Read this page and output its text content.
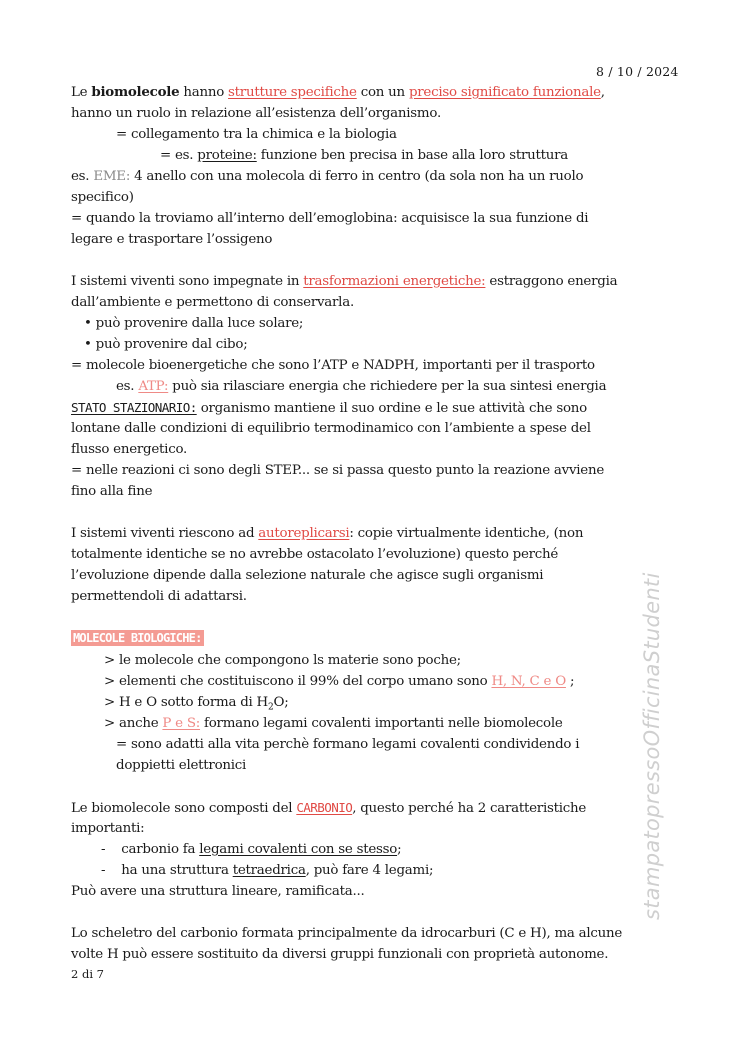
8 / 10 / 2024
Le biomolecole hanno strutture specifiche con un preciso significato funzionale,
hanno un ruolo in relazione all’esistenza dell’organismo.
= collegamento tra la chimica e la biologia
= es. proteine: funzione ben precisa in base alla loro struttura
es. EME: 4 anello con una molecola di ferro in centro (da sola non ha un ruolo
specifico)
= quando la troviamo all’interno dell’emoglobina: acquisisce la sua funzione di
legare e trasportare l’ossigeno
I sistemi viventi sono impegnate in trasformazioni energetiche: estraggono energia
dall’ambiente e permettono di conservarla.
• può provenire dalla luce solare;
• può provenire dal cibo;
= molecole bioenergetiche che sono l’ATP e NADPH, importanti per il trasporto
es. ATP: può sia rilasciare energia che richiedere per la sua sintesi energia
STATO STAZIONARIO: organismo mantiene il suo ordine e le sue attività che sono
lontane dalle condizioni di equilibrio termodinamico con l’ambiente a spese del
flusso energetico.
= nelle reazioni ci sono degli STEP... se si passa questo punto la reazione avviene
fino alla fine
I sistemi viventi riescono ad autoreplicarsi: copie virtualmente identiche, (non
totalmente identiche se no avrebbe ostacolato l’evoluzione) questo perché
l’evoluzione dipende dalla selezione naturale che agisce sugli organismi
permettendoli di adattarsi.
MOLECOLE BIOLOGICHE:
> le molecole che compongono ls materie sono poche;
> elementi che costituiscono il 99% del corpo umano sono H, N, C e O ;
> H e O sotto forma di $H_2O$;
> anche P e S: formano legami covalenti importanti nelle biomolecole
= sono adatti alla vita perchè formano legami covalenti condividendo i
doppietti elettronici
Le biomolecole sono composti del CARBONIO, questo perché ha 2 caratteristiche
importanti:
- carbonio fa legami covalenti con se stesso;
- ha una struttura tetraedrica, può fare 4 legami;
Può avere una struttura lineare, ramificata...
Lo scheletro del carbonio formata principalmente da idrocarburi (C e H), ma alcune
volte H può essere sostituito da diversi gruppi funzionali con proprietà autonome.
2 di 7
stampatopressoOfficinaStudenti
